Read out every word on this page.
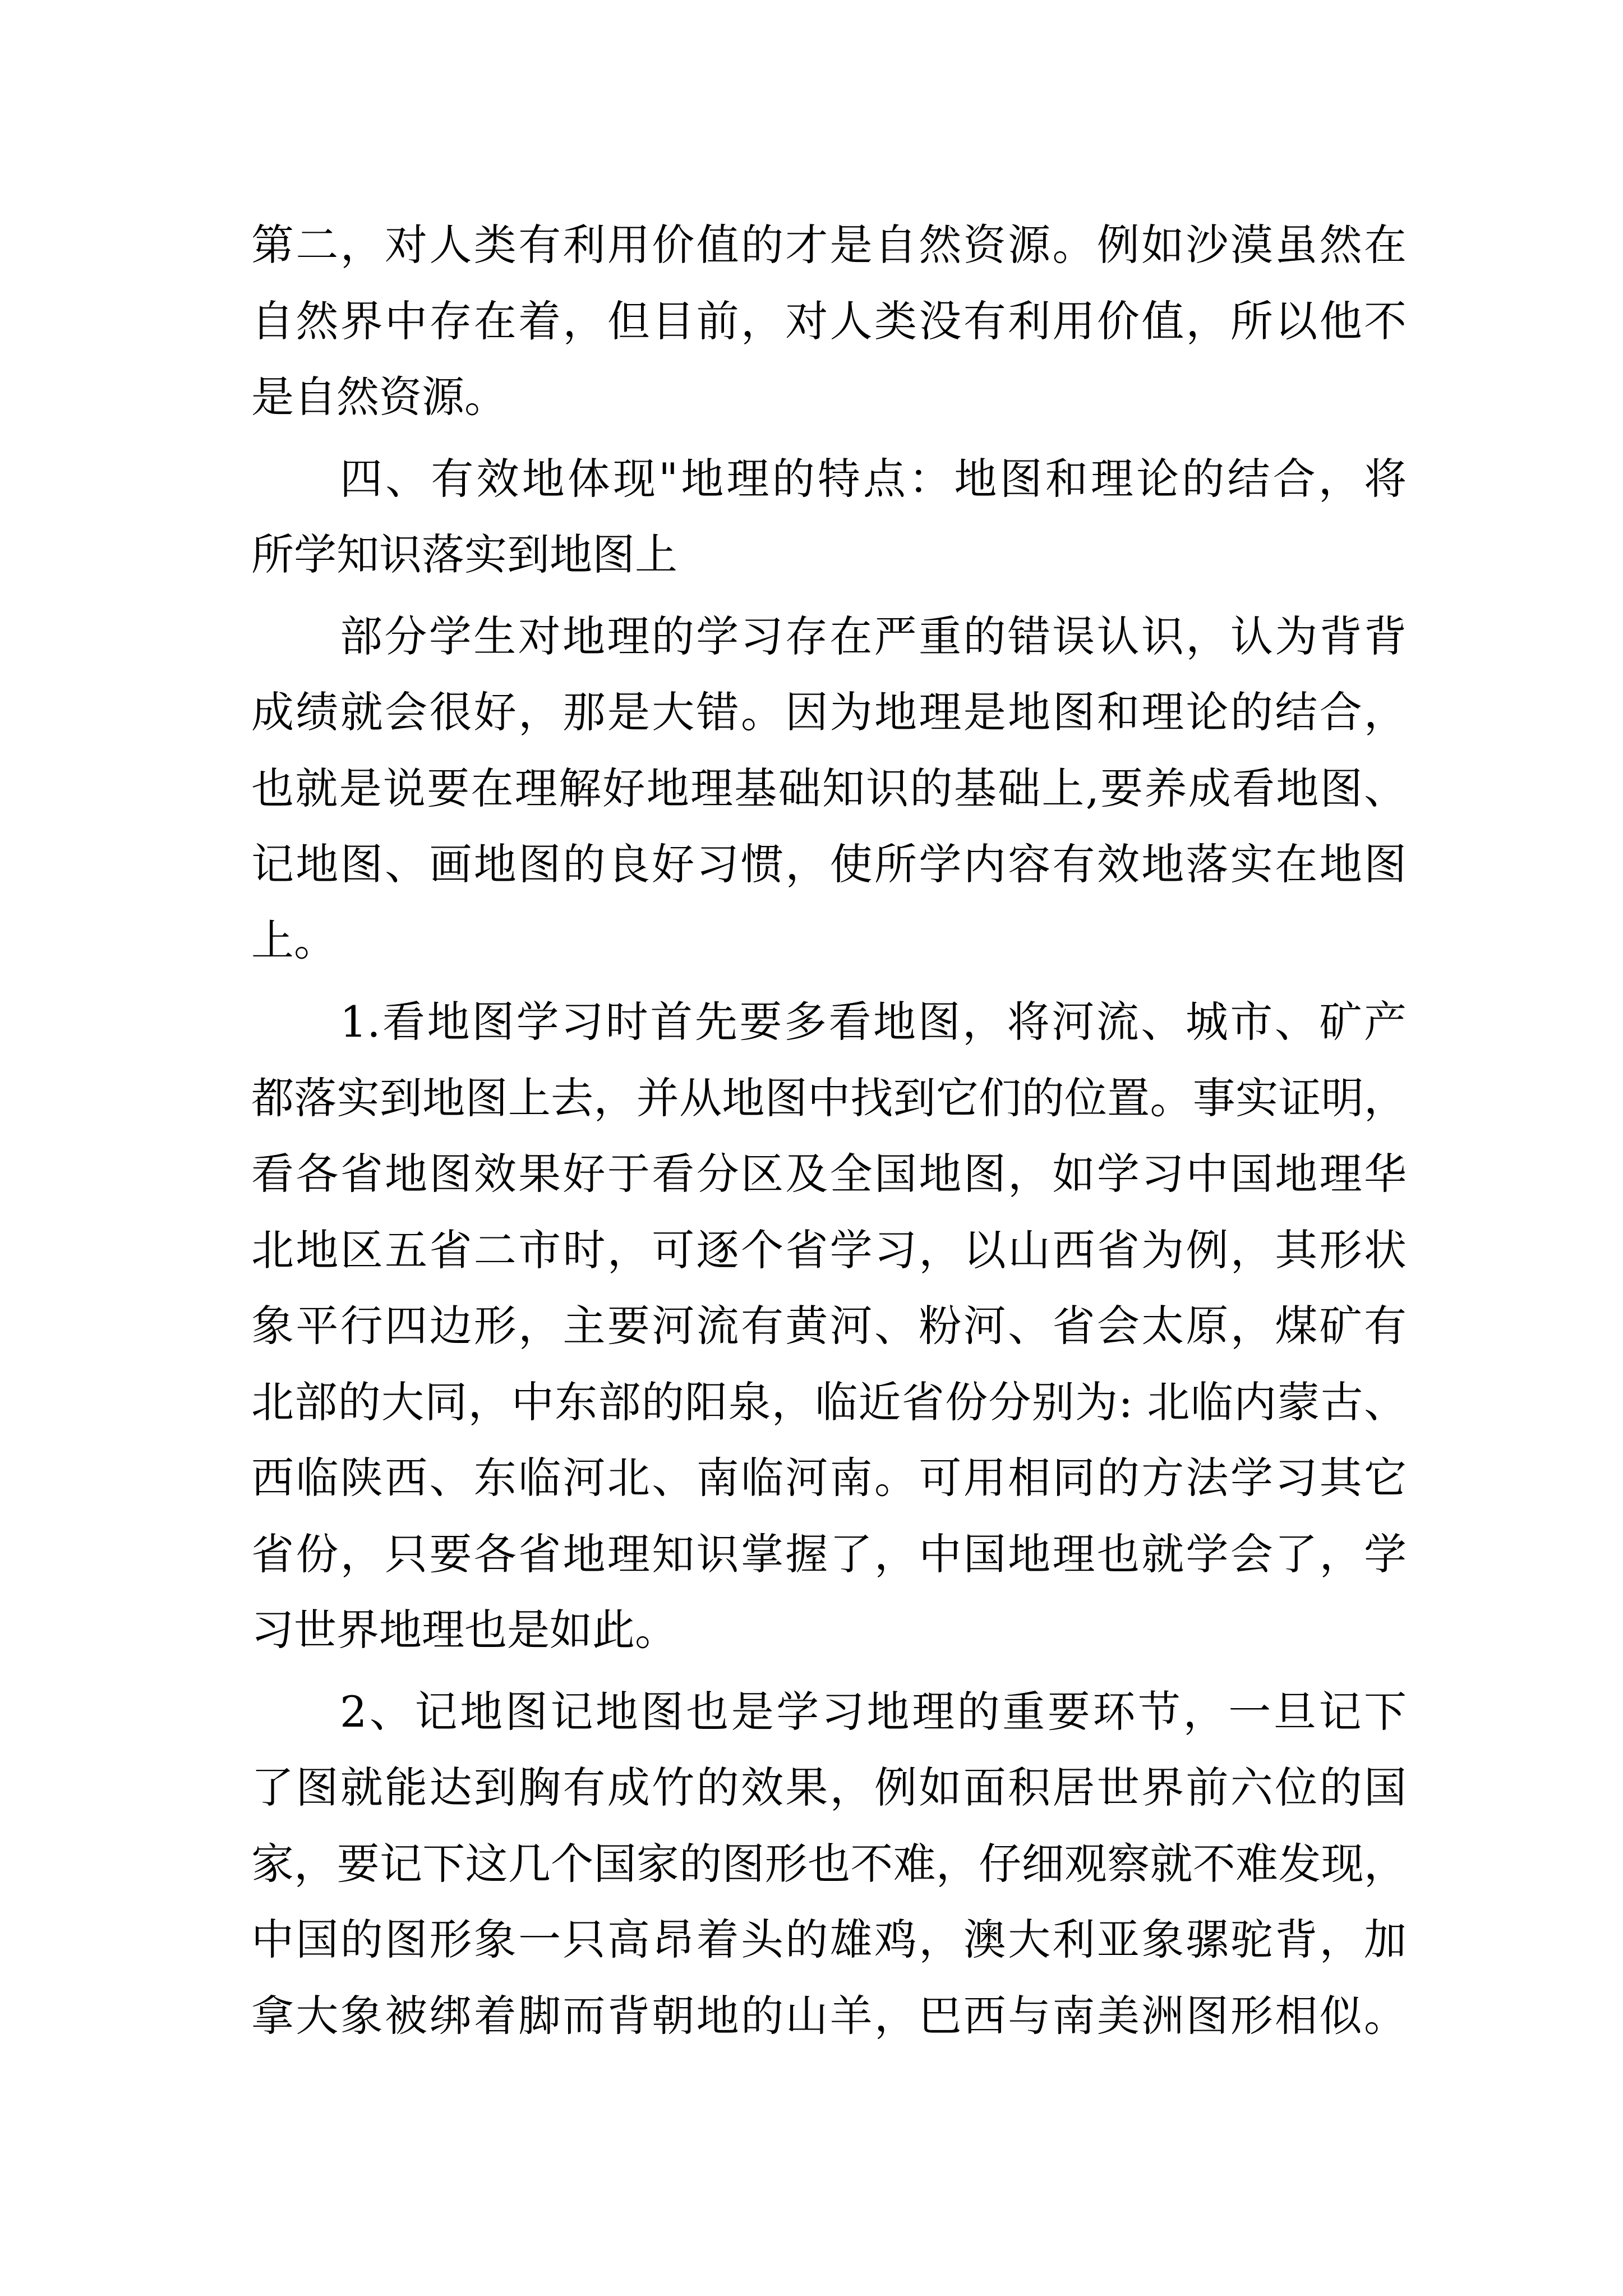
第二，对人类有利用价值的才是自然资源。例如沙漠虽然在
自然界中存在着，但目前，对人类没有利用价值，所以他不
是自然资源。
四、有效地体现"地理的特点：地图和理论的结合，将
所学知识落实到地图上
部分学生对地理的学习存在严重的错误认识，认为背背
成绩就会很好，那是大错。因为地理是地图和理论的结合，
也就是说要在理解好地理基础知识的基础上,要养成看地图、
记地图、画地图的良好习惯，使所学内容有效地落实在地图
上。
1.看地图学习时首先要多看地图，将河流、城市、矿产
都落实到地图上去，并从地图中找到它们的位置。事实证明，
看各省地图效果好于看分区及全国地图，如学习中国地理华
北地区五省二市时，可逐个省学习，以山西省为例，其形状
象平行四边形，主要河流有黄河、粉河、省会太原，煤矿有
北部的大同，中东部的阳泉，临近省份分别为: 北临内蒙古、
西临陕西、东临河北、南临河南。可用相同的方法学习其它
省份，只要各省地理知识掌握了，中国地理也就学会了，学
习世界地理也是如此。
2、记地图记地图也是学习地理的重要环节，一旦记下
了图就能达到胸有成竹的效果，例如面积居世界前六位的国
家，要记下这几个国家的图形也不难，仔细观察就不难发现，
中国的图形象一只高昂着头的雄鸡，澳大利亚象骡驼背，加
拿大象被绑着脚而背朝地的山羊，巴西与南美洲图形相似。
